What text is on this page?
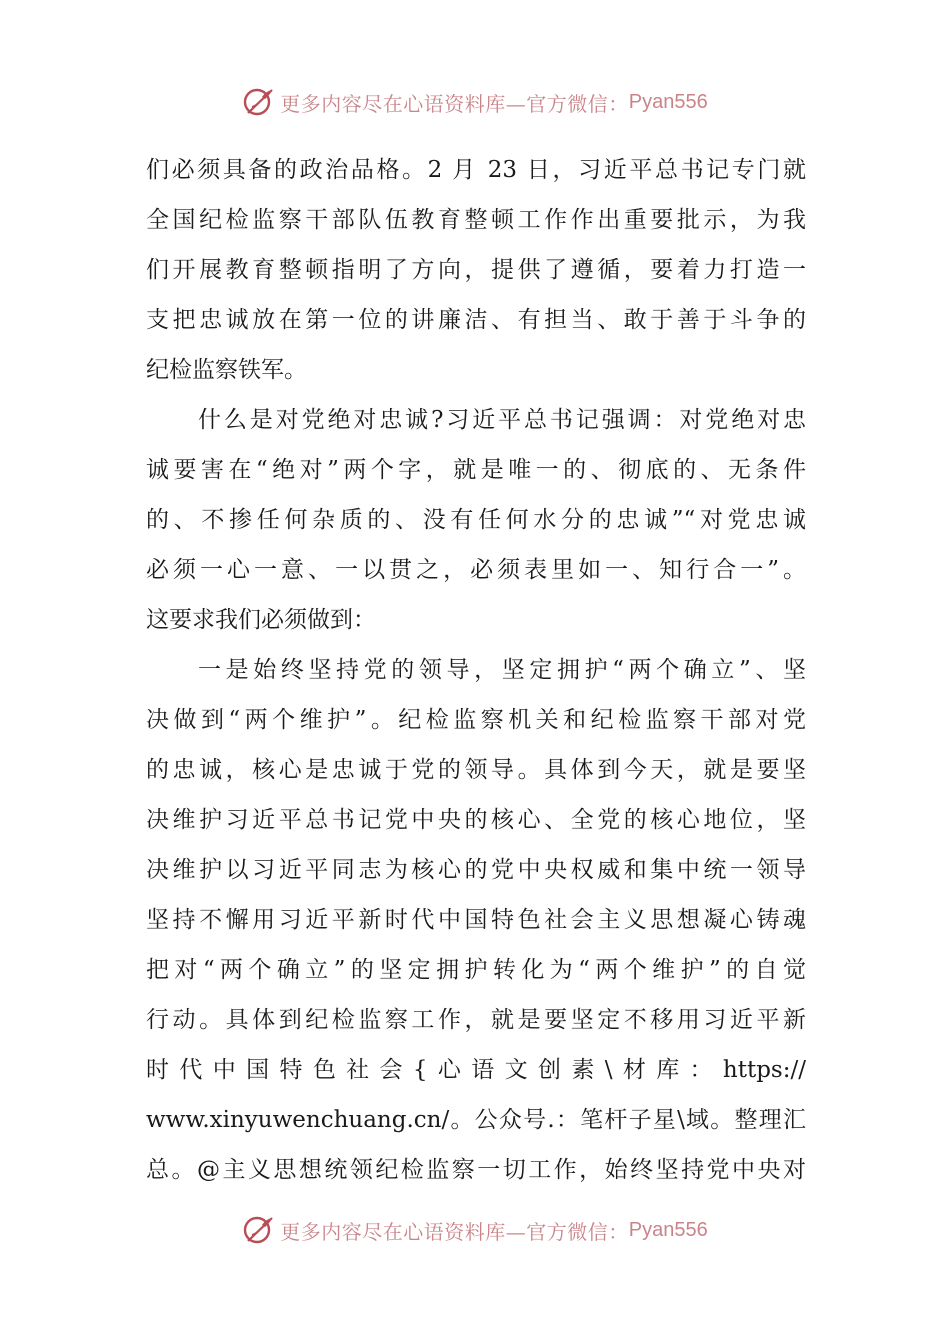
更多内容尽在心语资料库—官方微信： Pyan556
们必须具备的政治品格。2 月 23 日，习近平总书记专门就
全国纪检监察干部队伍教育整顿工作作出重要批示，为我
们开展教育整顿指明了方向，提供了遵循，要着力打造一
支把忠诚放在第一位的讲廉洁、有担当、敢于善于斗争的
纪检监察铁军。
什么是对党绝对忠诚?习近平总书记强调：对党绝对忠
诚要害在“绝对”两个字，就是唯一的、彻底的、无条件
的、不掺任何杂质的、没有任何水分的忠诚”“对党忠诚
必须一心一意、一以贯之，必须表里如一、知行合一”。
这要求我们必须做到：
一是始终坚持党的领导，坚定拥护“两个确立”、坚
决做到“两个维护”。纪检监察机关和纪检监察干部对党
的忠诚，核心是忠诚于党的领导。具体到今天，就是要坚
决维护习近平总书记党中央的核心、全党的核心地位，坚
决维护以习近平同志为核心的党中央权威和集中统一领导
坚持不懈用习近平新时代中国特色社会主义思想凝心铸魂
把对“两个确立”的坚定拥护转化为“两个维护”的自觉
行动。具体到纪检监察工作，就是要坚定不移用习近平新
时代中国特色社会{心语文创素\材库：https://
www.xinyuwenchuang.cn/。公众号.：笔杆子星\域。整理汇
总。@主义思想统领纪检监察一切工作，始终坚持党中央对
更多内容尽在心语资料库—官方微信： Pyan556
